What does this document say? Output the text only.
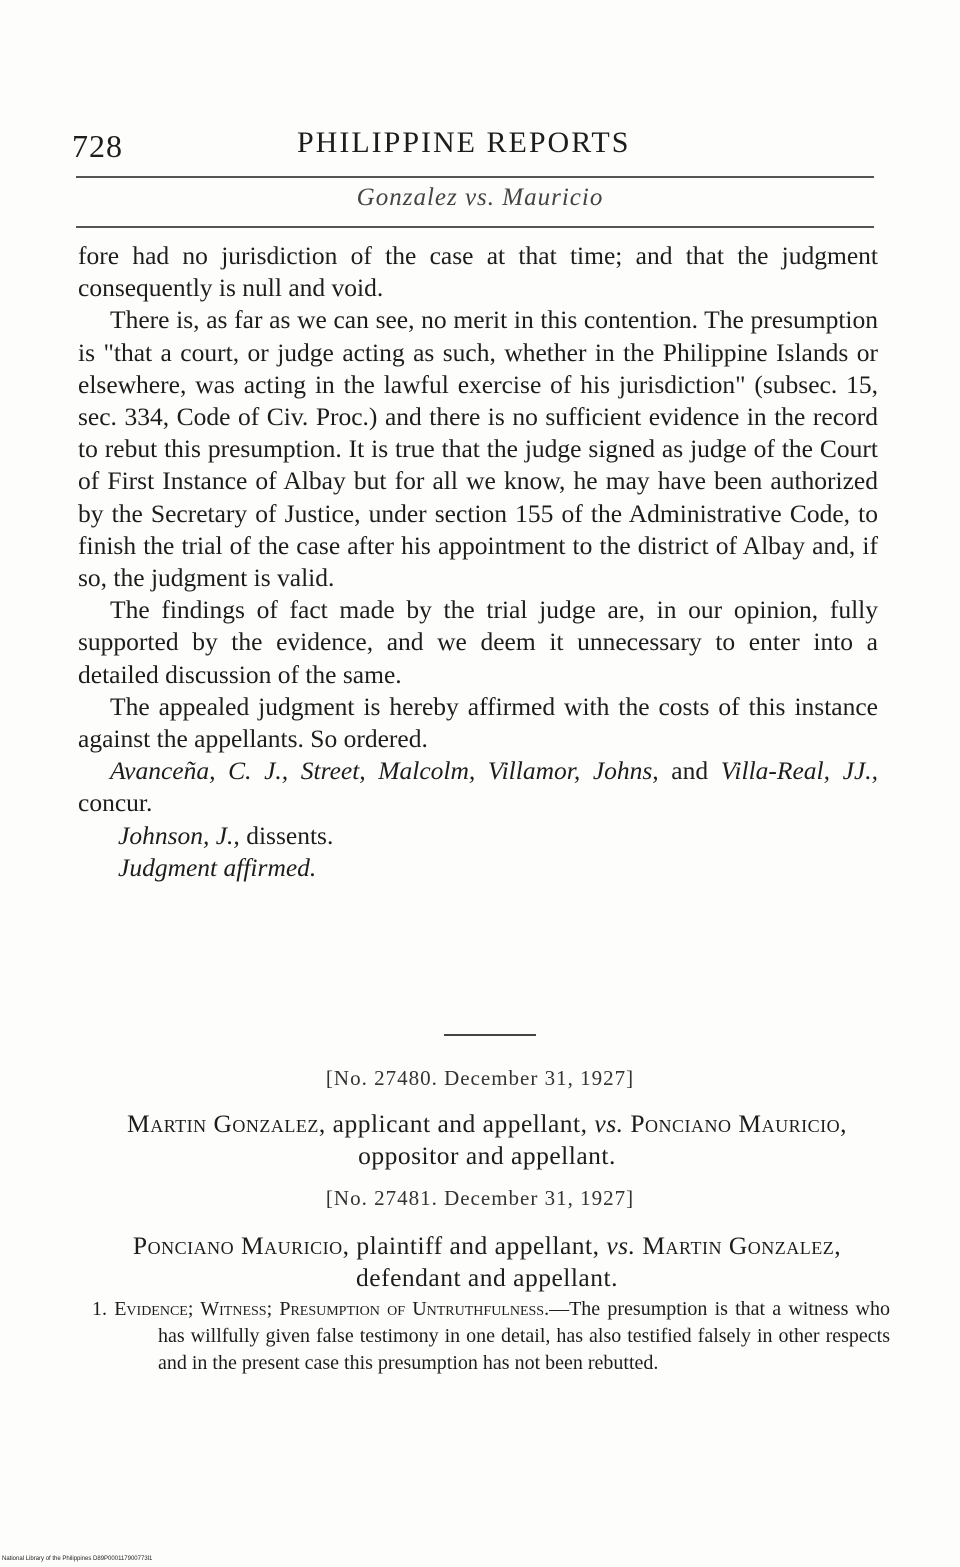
728	PHILIPPINE REPORTS
Gonzalez vs. Mauricio

fore had no jurisdiction of the case at that time; and that the judgment consequently is null and void.

There is, as far as we can see, no merit in this contention. The presumption is "that a court, or judge acting as such, whether in the Philippine Islands or elsewhere, was acting in the lawful exercise of his jurisdiction" (subsec. 15, sec. 334, Code of Civ. Proc.) and there is no sufficient evidence in the record to rebut this presumption. It is true that the judge signed as judge of the Court of First Instance of Albay but for all we know, he may have been authorized by the Secretary of Justice, under section 155 of the Administrative Code, to finish the trial of the case after his appointment to the district of Albay and, if so, the judgment is valid.

The findings of fact made by the trial judge are, in our opinion, fully supported by the evidence, and we deem it unnecessary to enter into a detailed discussion of the same.

The appealed judgment is hereby affirmed with the costs of this instance against the appellants. So ordered.

Avanceña, C. J., Street, Malcolm, Villamor, Johns, and Villa-Real, JJ., concur.

Johnson, J., dissents.

Judgment affirmed.

[No. 27480. December 31, 1927]
Martin Gonzalez, applicant and appellant, vs. Ponciano Mauricio, oppositor and appellant.
[No. 27481. December 31, 1927]
Ponciano Mauricio, plaintiff and appellant, vs. Martin Gonzalez, defendant and appellant.

1. Evidence; Witness; Presumption of Untruthfulness.—The presumption is that a witness who has willfully given false testimony in one detail, has also testified falsely in other respects and in the present case this presumption has not been rebutted.

National Library of the Philippines D89P000117900773l1
